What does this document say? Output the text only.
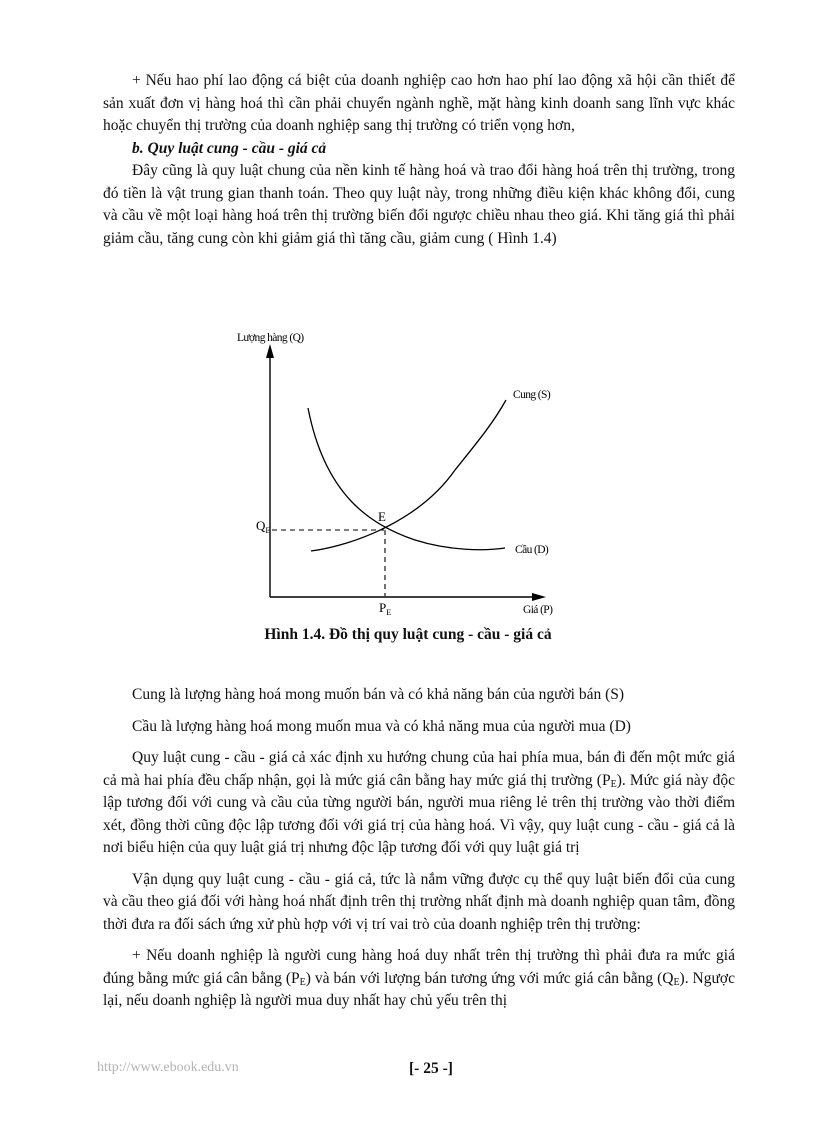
+ Nếu hao phí lao động cá biệt của doanh nghiệp cao hơn hao phí lao động xã hội cần thiết để sản xuất đơn vị hàng hoá thì cần phải chuyển ngành nghề, mặt hàng kinh doanh sang lĩnh vực khác hoặc chuyển thị trường của doanh nghiệp sang thị trường có triển vọng hơn,

b. Quy luật cung - cầu - giá cả

Đây cũng là quy luật chung của nền kinh tế hàng hoá và trao đổi hàng hoá trên thị trường, trong đó tiền là vật trung gian thanh toán. Theo quy luật này, trong những điều kiện khác không đổi, cung và cầu về một loại hàng hoá trên thị trường biến đổi ngược chiều nhau theo giá. Khi tăng giá thì phải giảm cầu, tăng cung còn khi giảm giá thì tăng cầu, giảm cung ( Hình 1.4)

Lượng hàng (Q)
Cung (S)
Cầu (D)
E
Giá (P)
$Q_E$
$P_E$
Hình 1.4. Đồ thị quy luật cung - cầu - giá cả

Cung là lượng hàng hoá mong muốn bán và có khả năng bán của người bán (S)

Cầu là lượng hàng hoá mong muốn mua và có khả năng mua của người mua (D)

Quy luật cung - cầu - giá cả xác định xu hướng chung của hai phía mua, bán đi đến một mức giá cả mà hai phía đều chấp nhận, gọi là mức giá cân bằng hay mức giá thị trường $(P_E)$. Mức giá này độc lập tương đối với cung và cầu của từng người bán, người mua riêng lẻ trên thị trường vào thời điểm xét, đồng thời cũng độc lập tương đối với giá trị của hàng hoá. Vì vậy, quy luật cung - cầu - giá cả là nơi biểu hiện của quy luật giá trị nhưng độc lập tương đối với quy luật giá trị

Vận dụng quy luật cung - cầu - giá cả, tức là nắm vững được cụ thể quy luật biến đổi của cung và cầu theo giá đối với hàng hoá nhất định trên thị trường nhất định mà doanh nghiệp quan tâm, đồng thời đưa ra đối sách ứng xử phù hợp với vị trí vai trò của doanh nghiệp trên thị trường:

+ Nếu doanh nghiệp là người cung hàng hoá duy nhất trên thị trường thì phải đưa ra mức giá đúng bằng mức giá cân bằng $(P_E)$ và bán với lượng bán tương ứng với mức giá cân bằng $(Q_E)$. Ngược lại, nếu doanh nghiệp là người mua duy nhất hay chủ yếu trên thị

http://www.ebook.edu.vn	[- 25 -]
